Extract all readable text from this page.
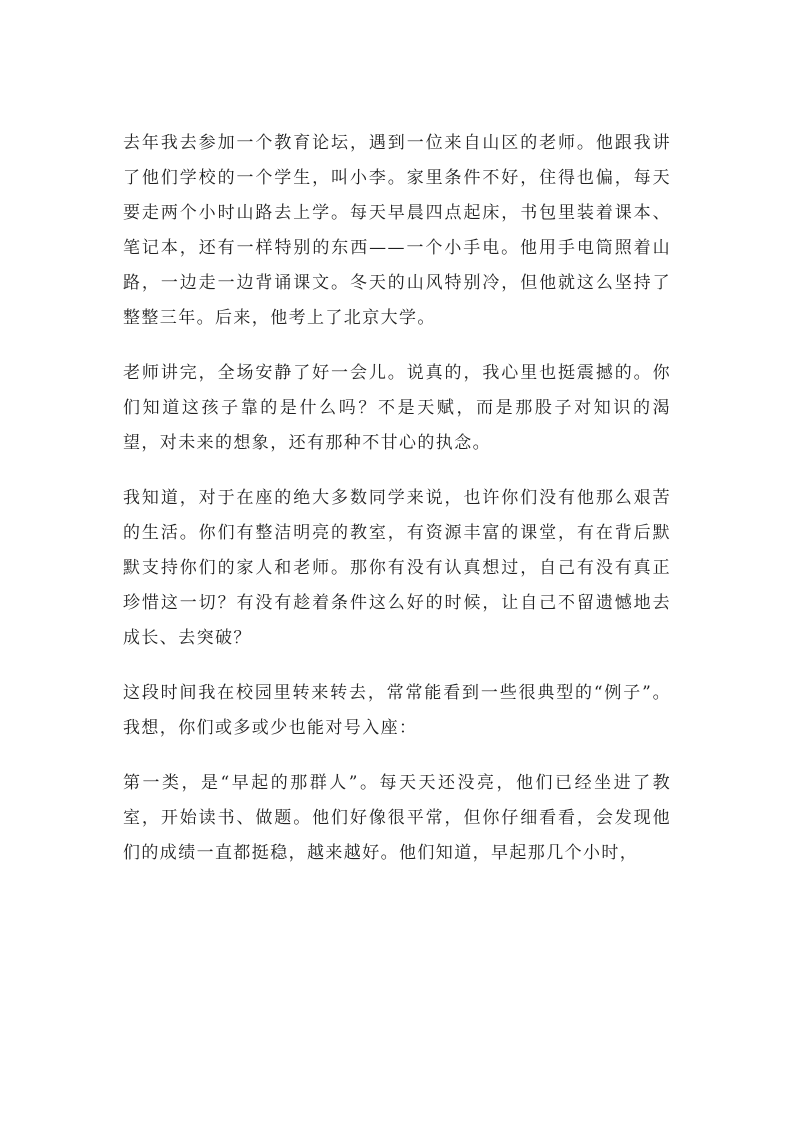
去年我去参加一个教育论坛，遇到一位来自山区的老师。他跟我讲了他们学校的一个学生，叫小李。家里条件不好，住得也偏，每天要走两个小时山路去上学。每天早晨四点起床，书包里装着课本、笔记本，还有一样特别的东西——一个小手电。他用手电筒照着山路，一边走一边背诵课文。冬天的山风特别冷，但他就这么坚持了整整三年。后来，他考上了北京大学。

老师讲完，全场安静了好一会儿。说真的，我心里也挺震撼的。你们知道这孩子靠的是什么吗？不是天赋，而是那股子对知识的渴望，对未来的想象，还有那种不甘心的执念。

我知道，对于在座的绝大多数同学来说，也许你们没有他那么艰苦的生活。你们有整洁明亮的教室，有资源丰富的课堂，有在背后默默支持你们的家人和老师。那你有没有认真想过，自己有没有真正珍惜这一切？有没有趁着条件这么好的时候，让自己不留遗憾地去成长、去突破？

这段时间我在校园里转来转去，常常能看到一些很典型的“例子”。我想，你们或多或少也能对号入座：

第一类，是“早起的那群人”。每天天还没亮，他们已经坐进了教室，开始读书、做题。他们好像很平常，但你仔细看看，会发现他们的成绩一直都挺稳，越来越好。他们知道，早起那几个小时，
